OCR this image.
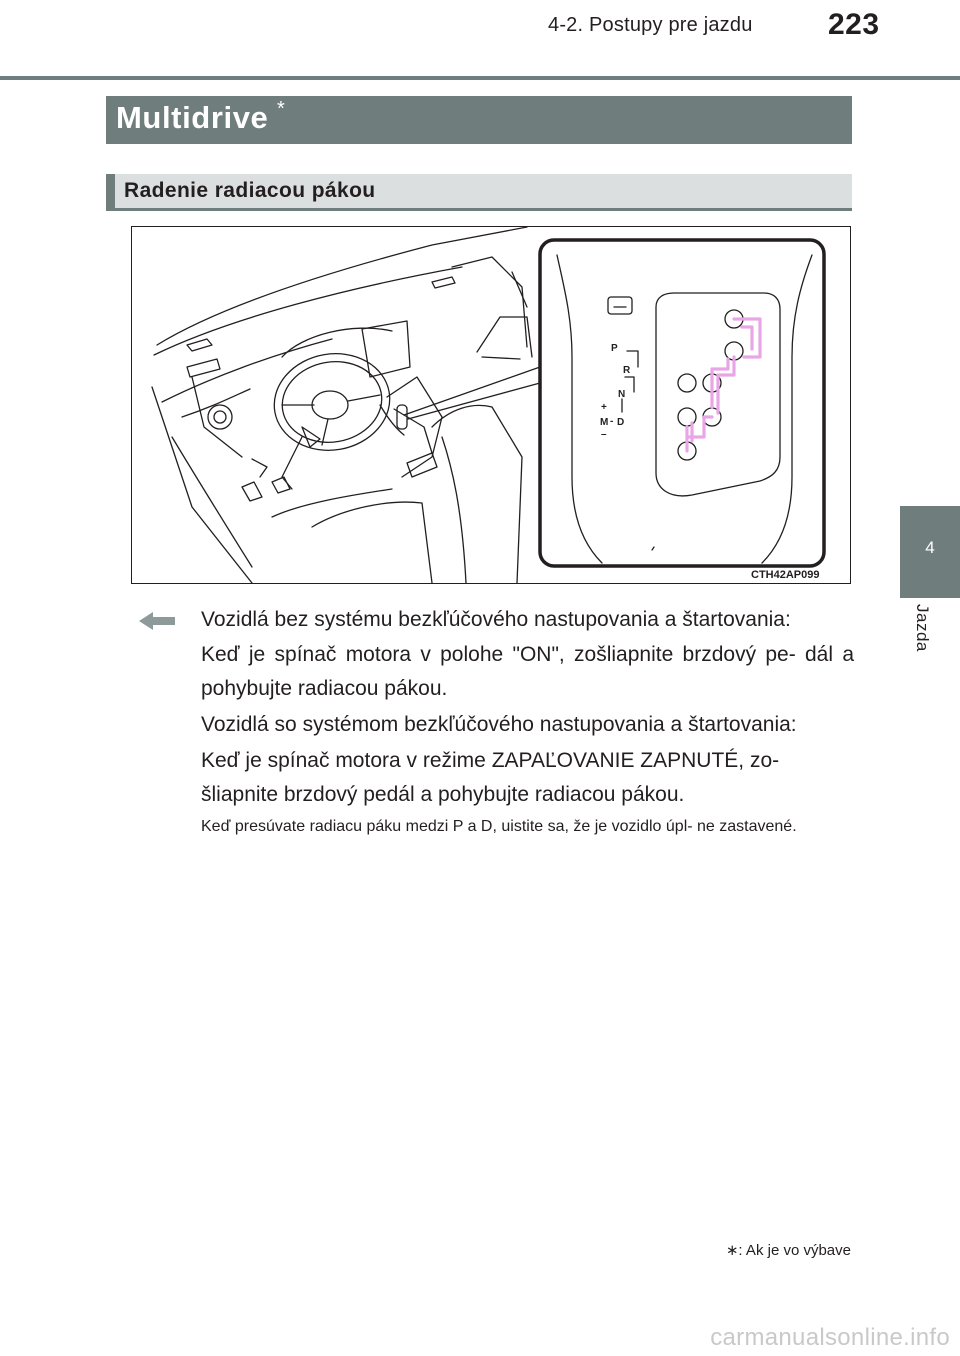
4-2. Postupy pre jazdu	223
4
Jazda
Multidrive *
Radenie radiacou pákou
P
R
N
+
M - D
–
CTH42AP099

Vozidlá bez systému bezkľúčového nastupovania a štartovania:

Keď je spínač motora v polohe "ON", zošliapnite brzdový pe- dál a pohybujte radiacou pákou.

Vozidlá so systémom bezkľúčového nastupovania a štartovania:

Keď je spínač motora v režime ZAPAĽOVANIE ZAPNUTÉ, zo- šliapnite brzdový pedál a pohybujte radiacou pákou.

Keď presúvate radiacu páku medzi P a D, uistite sa, že je vozidlo úpl- ne zastavené.

∗: Ak je vo výbave
carmanualsonline.info
